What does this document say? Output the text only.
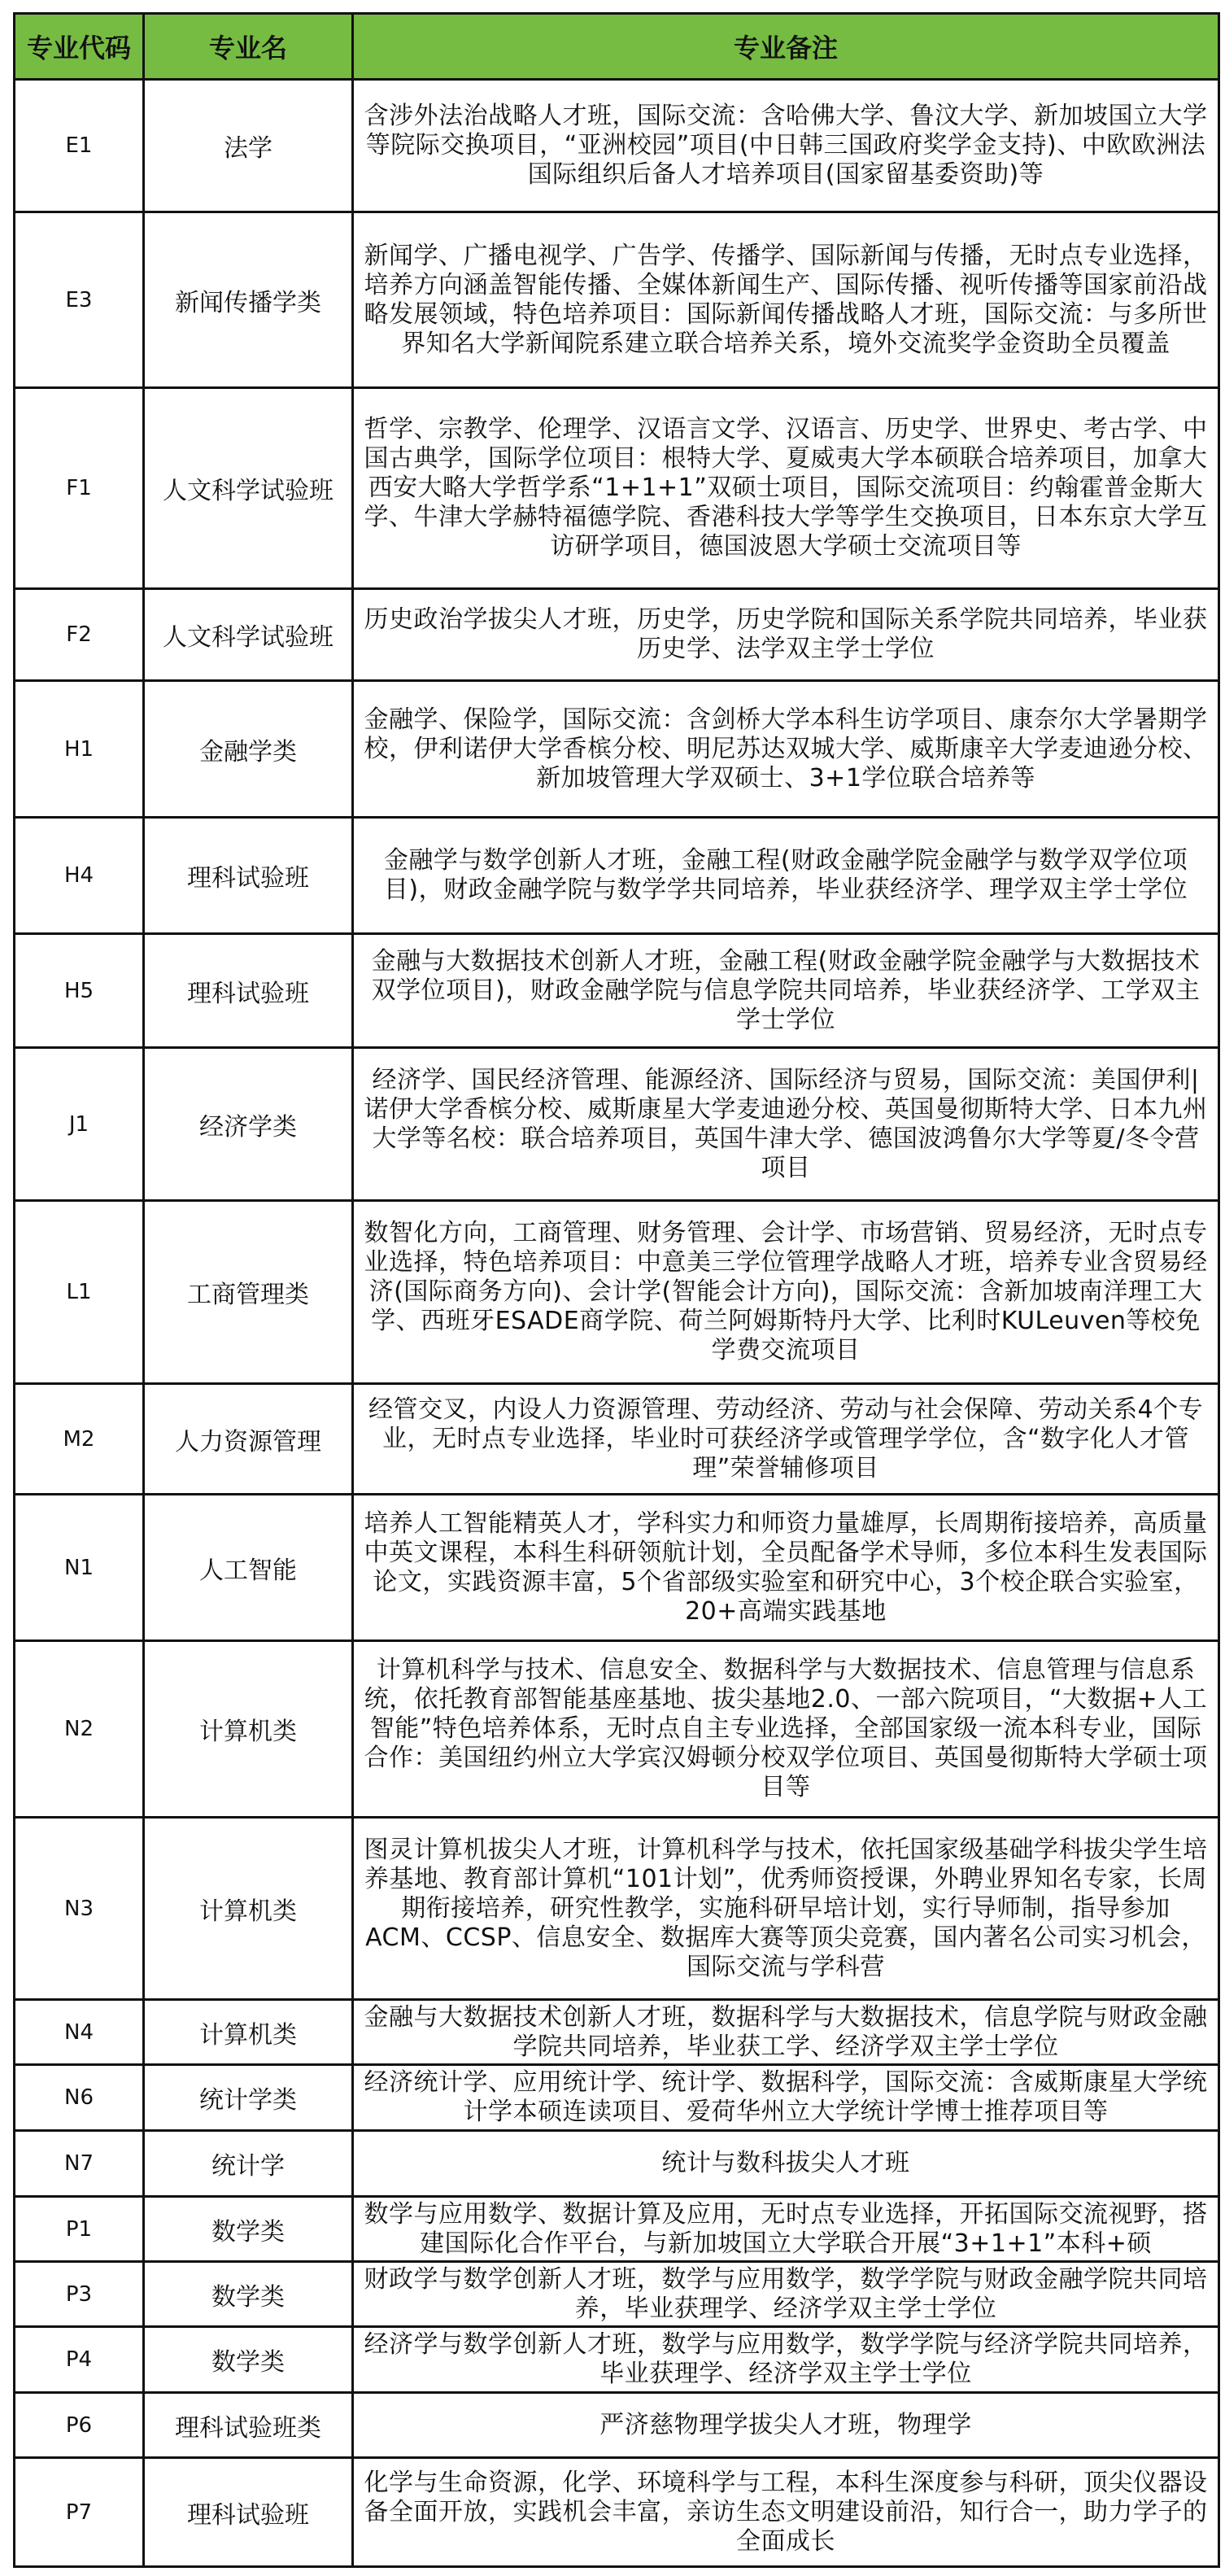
专业代码	专业名	专业备注
E1	法学	含涉外法治战略人才班，国际交流：含哈佛大学、鲁汶大学、新加坡国立大学等院际交换项目，“亚洲校园”项目(中日韩三国政府奖学金支持)、中欧欧洲法国际组织后备人才培养项目(国家留基委资助)等
E3	新闻传播学类	新闻学、广播电视学、广告学、传播学、国际新闻与传播，无时点专业选择，培养方向涵盖智能传播、全媒体新闻生产、国际传播、视听传播等国家前沿战略发展领域，特色培养项目：国际新闻传播战略人才班，国际交流：与多所世界知名大学新闻院系建立联合培养关系，境外交流奖学金资助全员覆盖
F1	人文科学试验班	哲学、宗教学、伦理学、汉语言文学、汉语言、历史学、世界史、考古学、中国古典学，国际学位项目：根特大学、夏威夷大学本硕联合培养项目，加拿大西安大略大学哲学系“1+1+1”双硕士项目，国际交流项目：约翰霍普金斯大学、牛津大学赫特福德学院、香港科技大学等学生交换项目，日本东京大学互访研学项目，德国波恩大学硕士交流项目等
F2	人文科学试验班	历史政治学拔尖人才班，历史学，历史学院和国际关系学院共同培养，毕业获历史学、法学双主学士学位
H1	金融学类	金融学、保险学，国际交流：含剑桥大学本科生访学项目、康奈尔大学暑期学校，伊利诺伊大学香槟分校、明尼苏达双城大学、威斯康辛大学麦迪逊分校、新加坡管理大学双硕士、3+1学位联合培养等
H4	理科试验班	金融学与数学创新人才班，金融工程(财政金融学院金融学与数学双学位项目)，财政金融学院与数学学共同培养，毕业获经济学、理学双主学士学位
H5	理科试验班	金融与大数据技术创新人才班，金融工程(财政金融学院金融学与大数据技术双学位项目)，财政金融学院与信息学院共同培养，毕业获经济学、工学双主学士学位
J1	经济学类	经济学、国民经济管理、能源经济、国际经济与贸易，国际交流：美国伊利|诺伊大学香槟分校、威斯康星大学麦迪逊分校、英国曼彻斯特大学、日本九州大学等名校：联合培养项目，英国牛津大学、德国波鸿鲁尔大学等夏/冬令营项目
L1	工商管理类	数智化方向，工商管理、财务管理、会计学、市场营销、贸易经济，无时点专业选择，特色培养项目：中意美三学位管理学战略人才班，培养专业含贸易经济(国际商务方向)、会计学(智能会计方向)，国际交流：含新加坡南洋理工大学、西班牙ESADE商学院、荷兰阿姆斯特丹大学、比利时KULeuven等校免学费交流项目
M2	人力资源管理	经管交叉，内设人力资源管理、劳动经济、劳动与社会保障、劳动关系4个专业，无时点专业选择，毕业时可获经济学或管理学学位，含“数字化人才管理”荣誉辅修项目
N1	人工智能	培养人工智能精英人才，学科实力和师资力量雄厚，长周期衔接培养，高质量中英文课程，本科生科研领航计划，全员配备学术导师，多位本科生发表国际论文，实践资源丰富，5个省部级实验室和研究中心，3个校企联合实验室，20+高端实践基地
N2	计算机类	计算机科学与技术、信息安全、数据科学与大数据技术、信息管理与信息系统，依托教育部智能基座基地、拔尖基地2.0、一部六院项目，“大数据+人工智能”特色培养体系，无时点自主专业选择，全部国家级一流本科专业，国际合作：美国纽约州立大学宾汉姆顿分校双学位项目、英国曼彻斯特大学硕士项目等
N3	计算机类	图灵计算机拔尖人才班，计算机科学与技术，依托国家级基础学科拔尖学生培养基地、教育部计算机“101计划”，优秀师资授课，外聘业界知名专家，长周期衔接培养，研究性教学，实施科研早培计划，实行导师制，指导参加ACM、CCSP、信息安全、数据库大赛等顶尖竞赛，国内著名公司实习机会，国际交流与学科营
N4	计算机类	金融与大数据技术创新人才班，数据科学与大数据技术，信息学院与财政金融学院共同培养，毕业获工学、经济学双主学士学位
N6	统计学类	经济统计学、应用统计学、统计学、数据科学，国际交流：含威斯康星大学统计学本硕连读项目、爱荷华州立大学统计学博士推荐项目等
N7	统计学	统计与数科拔尖人才班
P1	数学类	数学与应用数学、数据计算及应用，无时点专业选择，开拓国际交流视野，搭建国际化合作平台，与新加坡国立大学联合开展“3+1+1”本科+硕
P3	数学类	财政学与数学创新人才班，数学与应用数学，数学学院与财政金融学院共同培养，毕业获理学、经济学双主学士学位
P4	数学类	经济学与数学创新人才班，数学与应用数学，数学学院与经济学院共同培养，毕业获理学、经济学双主学士学位
P6	理科试验班类	严济慈物理学拔尖人才班，物理学
P7	理科试验班	化学与生命资源，化学、环境科学与工程，本科生深度参与科研，顶尖仪器设备全面开放，实践机会丰富，亲访生态文明建设前沿，知行合一，助力学子的全面成长
